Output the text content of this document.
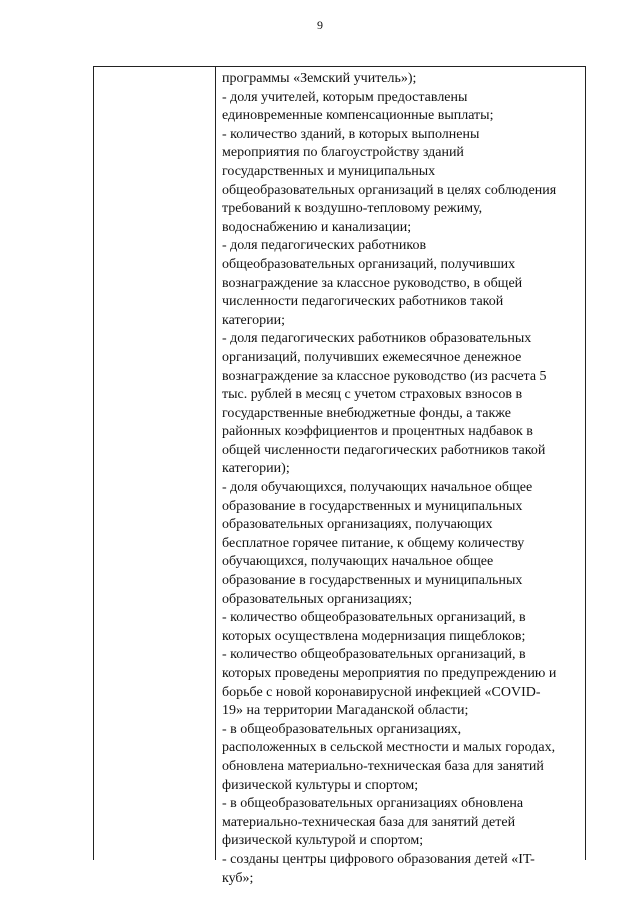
9
программы «Земский учитель»);
- доля учителей, которым предоставлены
единовременные компенсационные выплаты;
- количество зданий, в которых выполнены
мероприятия по благоустройству зданий
государственных и муниципальных
общеобразовательных организаций в целях соблюдения
требований к воздушно-тепловому режиму,
водоснабжению и канализации;
- доля педагогических работников
общеобразовательных организаций, получивших
вознаграждение за классное руководство, в общей
численности педагогических работников такой
категории;
- доля педагогических работников образовательных
организаций, получивших ежемесячное денежное
вознаграждение за классное руководство (из расчета 5
тыс. рублей в месяц с учетом страховых взносов в
государственные внебюджетные фонды, а также
районных коэффициентов и процентных надбавок в
общей численности педагогических работников такой
категории);
- доля обучающихся, получающих начальное общее
образование в государственных и муниципальных
образовательных организациях, получающих
бесплатное горячее питание, к общему количеству
обучающихся, получающих начальное общее
образование в государственных и муниципальных
образовательных организациях;
- количество общеобразовательных организаций, в
которых осуществлена модернизация пищеблоков;
- количество общеобразовательных организаций, в
которых проведены мероприятия по предупреждению и
борьбе с новой коронавирусной инфекцией «COVID-
19» на территории Магаданской области;
- в общеобразовательных организациях,
расположенных в сельской местности и малых городах,
обновлена материально-техническая база для занятий
физической культуры и спортом;
- в общеобразовательных организациях обновлена
материально-техническая база для занятий детей
физической культурой и спортом;
- созданы центры цифрового образования детей «IT-
куб»;
